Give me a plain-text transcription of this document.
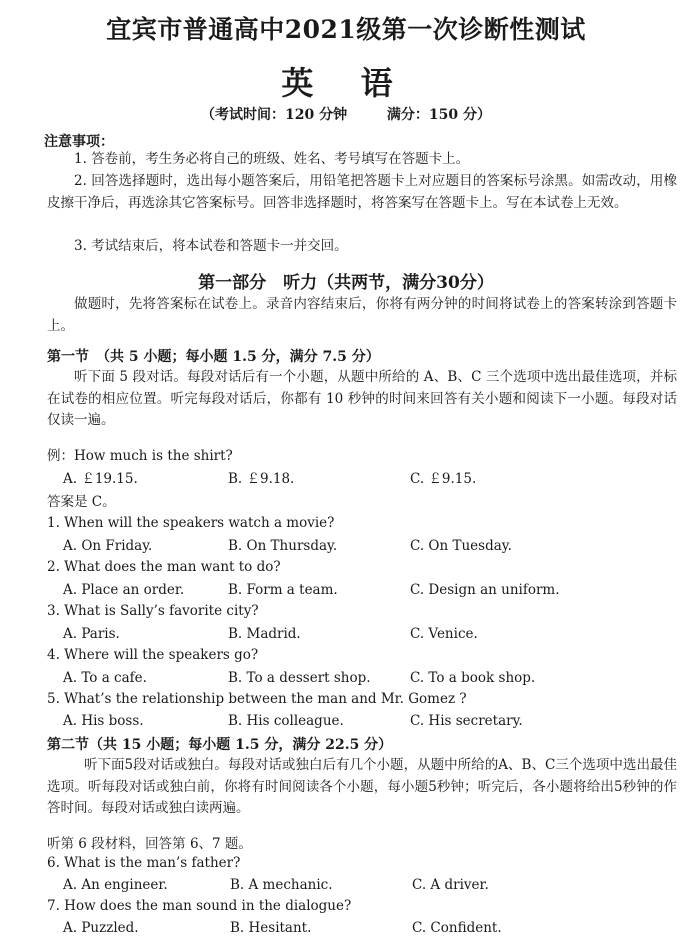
宜宾市普通高中2021级第一次诊断性测试
英 语
（考试时间：120 分钟	满分：150 分）
注意事项：
1. 答卷前，考生务必将自己的班级、姓名、考号填写在答题卡上。
2. 回答选择题时，选出每小题答案后，用铅笔把答题卡上对应题目的答案标号涂黑。如需改动，用橡皮擦干净后，再选涂其它答案标号。回答非选择题时，将答案写在答题卡上。写在本试卷上无效。
3. 考试结束后，将本试卷和答题卡一并交回。
第一部分　听力（共两节，满分30分）
做题时，先将答案标在试卷上。录音内容结束后，你将有两分钟的时间将试卷上的答案转涂到答题卡上。
第一节　（共 5 小题；每小题 1.5 分，满分 7.5 分）
听下面 5 段对话。每段对话后有一个小题，从题中所给的 A、B、C 三个选项中选出最佳选项，并标在试卷的相应位置。听完每段对话后，你都有 10 秒钟的时间来回答有关小题和阅读下一小题。每段对话仅读一遍。
例：How much is the shirt?
A. ￡19.15.	B. ￡9.18.	C. ￡9.15.
答案是 C。
1. When will the speakers watch a movie?
A. On Friday.	B. On Thursday.	C. On Tuesday.
2. What does the man want to do?
A. Place an order.	B. Form a team.	C. Design an uniform.
3. What is Sally’s favorite city?
A. Paris.	B. Madrid.	C. Venice.
4. Where will the speakers go?
A. To a cafe.	B. To a dessert shop.	C. To a book shop.
5. What’s the relationship between the man and Mr. Gomez ?
A. His boss.	B. His colleague.	C. His secretary.
第二节（共 15 小题；每小题 1.5 分，满分 22.5 分）
听下面5段对话或独白。每段对话或独白后有几个小题，从题中所给的A、B、C三个选项中选出最佳选项。听每段对话或独白前，你将有时间阅读各个小题，每小题5秒钟；听完后，各小题将给出5秒钟的作答时间。每段对话或独白读两遍。
听第 6 段材料，回答第 6、7 题。
6. What is the man’s father?
A. An engineer.	B. A mechanic.	C. A driver.
7. How does the man sound in the dialogue?
A. Puzzled.	B. Hesitant.	C. Confident.
